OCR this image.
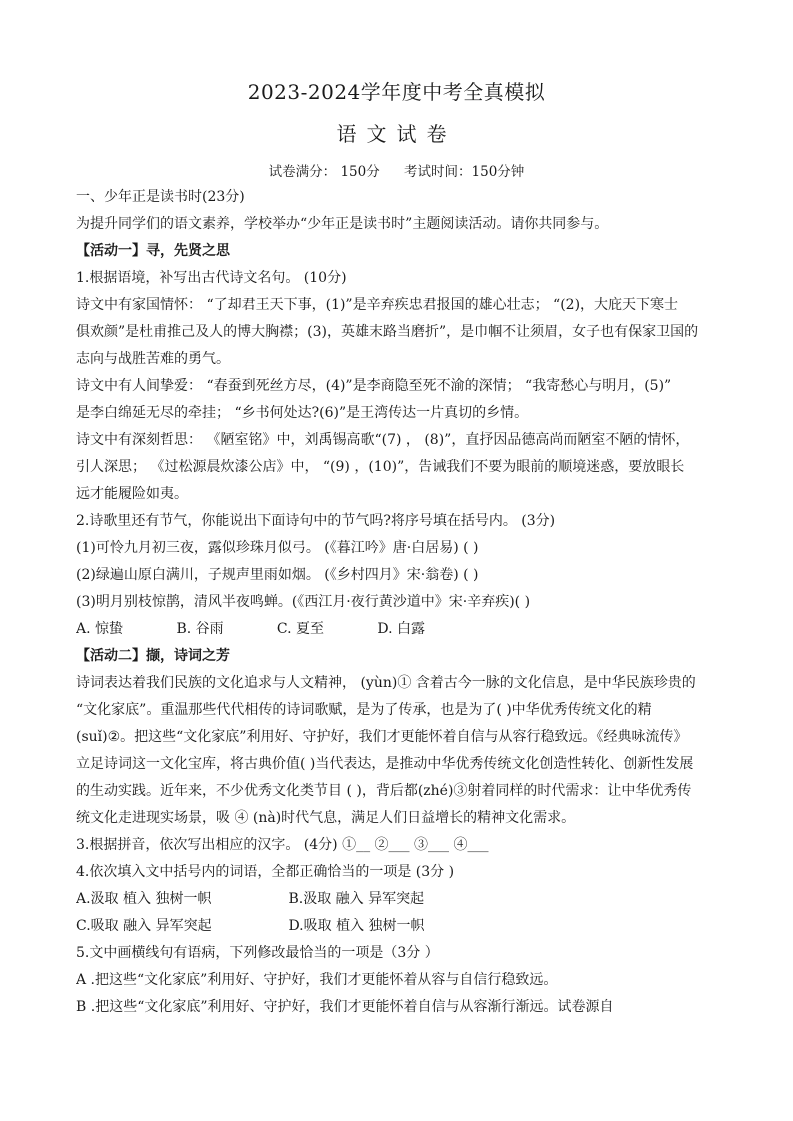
2023-2024学年度中考全真模拟
语文试卷
试卷满分： 150分 考试时间：150分钟
一、少年正是读书时(23分)
为提升同学们的语文素养，学校举办“少年正是读书时”主题阅读活动。请你共同参与。
【活动一】寻，先贤之思
1.根据语境，补写出古代诗文名句。 (10分)
诗文中有家国情怀： “了却君王天下事，(1)”是辛弃疾忠君报国的雄心壮志； “(2)，大庇天下寒士
俱欢颜”是杜甫推己及人的博大胸襟；(3)，英雄末路当磨折”，是巾帼不让须眉，女子也有保家卫国的
志向与战胜苦难的勇气。
诗文中有人间挚爱： “春蚕到死丝方尽，(4)”是李商隐至死不渝的深情； “我寄愁心与明月，(5)”
是李白绵延无尽的牵挂； “乡书何处达?(6)”是王湾传达一片真切的乡情。
诗文中有深刻哲思： 《陋室铭》中，刘禹锡高歌“(7) ， (8)”，直抒因品德高尚而陋室不陋的情怀，
引人深思； 《过松源晨炊漆公店》中， “(9) ，(10)”，告诫我们不要为眼前的顺境迷惑，要放眼长
远才能履险如夷。
2.诗歌里还有节气，你能说出下面诗句中的节气吗?将序号填在括号内。 (3分)
(1)可怜九月初三夜，露似珍珠月似弓。 (《暮江吟》唐·白居易) ( )
(2)绿遍山原白满川，子规声里雨如烟。 (《乡村四月》宋·翁卷) ( )
(3)明月别枝惊鹊，清风半夜鸣蝉。(《西江月·夜行黄沙道中》宋·辛弃疾)( )
A. 惊蛰	B. 谷雨	C. 夏至	D. 白露
【活动二】撷，诗词之芳
诗词表达着我们民族的文化追求与人文精神， (yùn)① 含着古今一脉的文化信息，是中华民族珍贵的
“文化家底”。重温那些代代相传的诗词歌赋，是为了传承，也是为了( )中华优秀传统文化的精
(suǐ)②。把这些“文化家底”利用好、守护好，我们才更能怀着自信与从容行稳致远。《经典咏流传》
立足诗词这一文化宝库，将古典价值( )当代表达，是推动中华优秀传统文化创造性转化、创新性发展
的生动实践。近年来，不少优秀文化类节目 ( )，背后都(zhé)③射着同样的时代需求：让中华优秀传
统文化走进现实场景，吸 ④ (nà)时代气息，满足人们日益增长的精神文化需求。
3.根据拼音，依次写出相应的汉字。 (4分) ①__ ②___ ③___ ④___
4.依次填入文中括号内的词语，全都正确恰当的一项是 (3分 )
A.汲取 植入 独树一帜	B.汲取 融入 异军突起
C.吸取 融入 异军突起	D.吸取 植入 独树一帜
5.文中画横线句有语病，下列修改最恰当的一项是（3分 ）
A .把这些“文化家底”利用好、守护好，我们才更能怀着从容与自信行稳致远。
B .把这些“文化家底”利用好、守护好，我们才更能怀着自信与从容渐行渐远。试卷源自
